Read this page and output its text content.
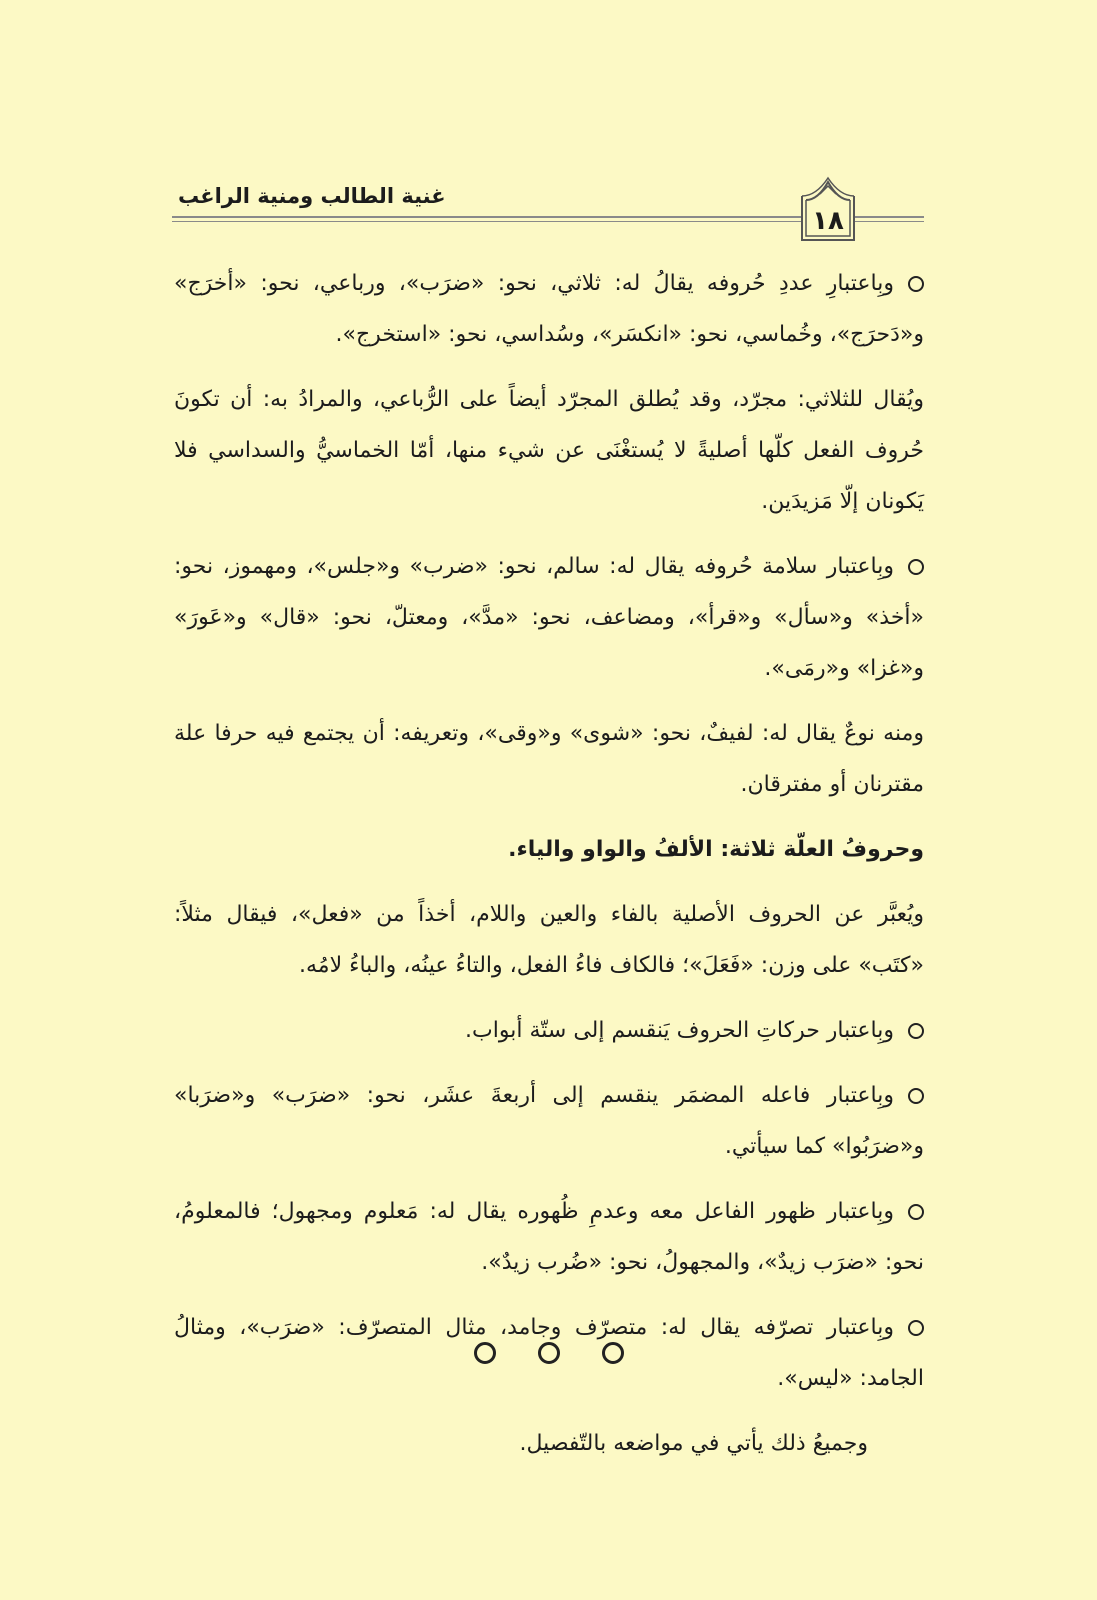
غنية الطالب ومنية الراغب
١٨

وبِاعتبارِ عددِ حُروفه يقالُ له: ثلاثي، نحو: «ضرَب»، ورباعي، نحو: «أخرَج» و«دَحرَج»، وخُماسي، نحو: «انكسَر»، وسُداسي، نحو: «استخرج».

ويُقال للثلاثي: مجرّد، وقد يُطلق المجرّد أيضاً على الرُّباعي، والمرادُ به: أن تكونَ حُروف الفعل كلّها أصليةً لا يُستغْنَى عن شيء منها، أمّا الخماسيُّ والسداسي فلا يَكونان إلّا مَزيدَين.

وبِاعتبار سلامة حُروفه يقال له: سالم، نحو: «ضرب» و«جلس»، ومهموز، نحو: «أخذ» و«سأل» و«قرأ»، ومضاعف، نحو: «مدَّ»، ومعتلّ، نحو: «قال» و«عَورَ» و«غزا» و«رمَى».

ومنه نوعٌ يقال له: لفيفٌ، نحو: «شوى» و«وقى»، وتعريفه: أن يجتمع فيه حرفا علة مقترنان أو مفترقان.

وحروفُ العلّة ثلاثة: الألفُ والواو والياء.

ويُعبَّر عن الحروف الأصلية بالفاء والعين واللام، أخذاً من «فعل»، فيقال مثلاً: «كتَب» على وزن: «فَعَلَ»؛ فالكاف فاءُ الفعل، والتاءُ عينُه، والباءُ لامُه.

وبِاعتبار حركاتِ الحروف يَنقسم إلى ستّة أبواب.

وبِاعتبار فاعله المضمَر ينقسم إلى أربعةَ عشَر، نحو: «ضرَب» و«ضرَبا» و«ضرَبُوا» كما سيأتي.

وبِاعتبار ظهور الفاعل معه وعدمِ ظُهوره يقال له: مَعلوم ومجهول؛ فالمعلومُ، نحو: «ضرَب زيدٌ»، والمجهولُ، نحو: «ضُرب زيدٌ».

وبِاعتبار تصرّفه يقال له: متصرّف وجامد، مثال المتصرّف: «ضرَب»، ومثالُ الجامد: «ليس».

وجميعُ ذلك يأتي في مواضعه بالتّفصيل.
